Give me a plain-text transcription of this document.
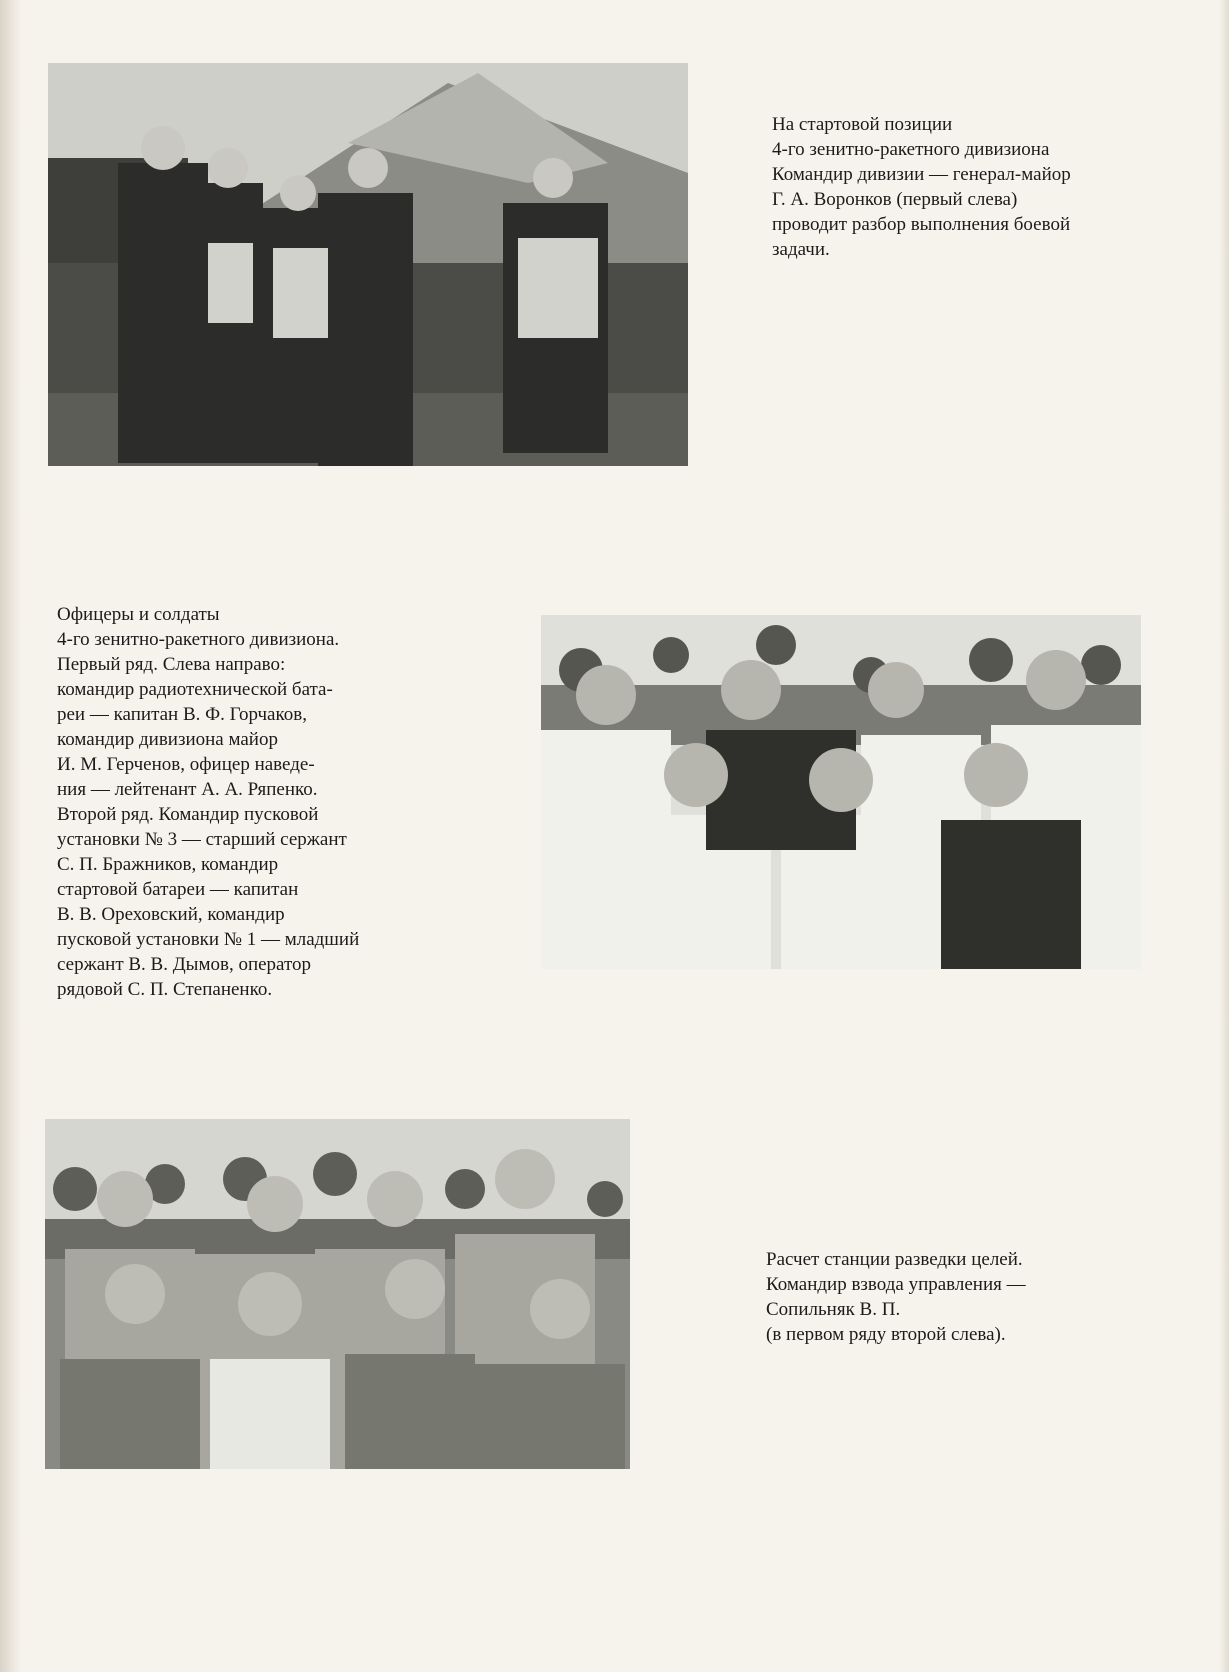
На стартовой позиции
4-го зенитно-ракетного дивизиона
Командир дивизии — генерал-майор
Г. А. Воронков (первый слева)
проводит разбор выполнения боевой
задачи.
Офицеры и солдаты
4-го зенитно-ракетного дивизиона.
Первый ряд. Слева направо:
командир радиотехнической бата-
реи — капитан В. Ф. Горчаков,
командир дивизиона майор
И. М. Герченов, офицер наведе-
ния — лейтенант А. А. Ряпенко.
Второй ряд. Командир пусковой
установки № 3 — старший сержант
С. П. Бражников, командир
стартовой батареи — капитан
В. В. Ореховский, командир
пусковой установки № 1 — младший
сержант В. В. Дымов, оператор
рядовой С. П. Степаненко.
Расчет станции разведки целей.
Командир взвода управления —
Сопильняк В. П.
(в первом ряду второй слева).
